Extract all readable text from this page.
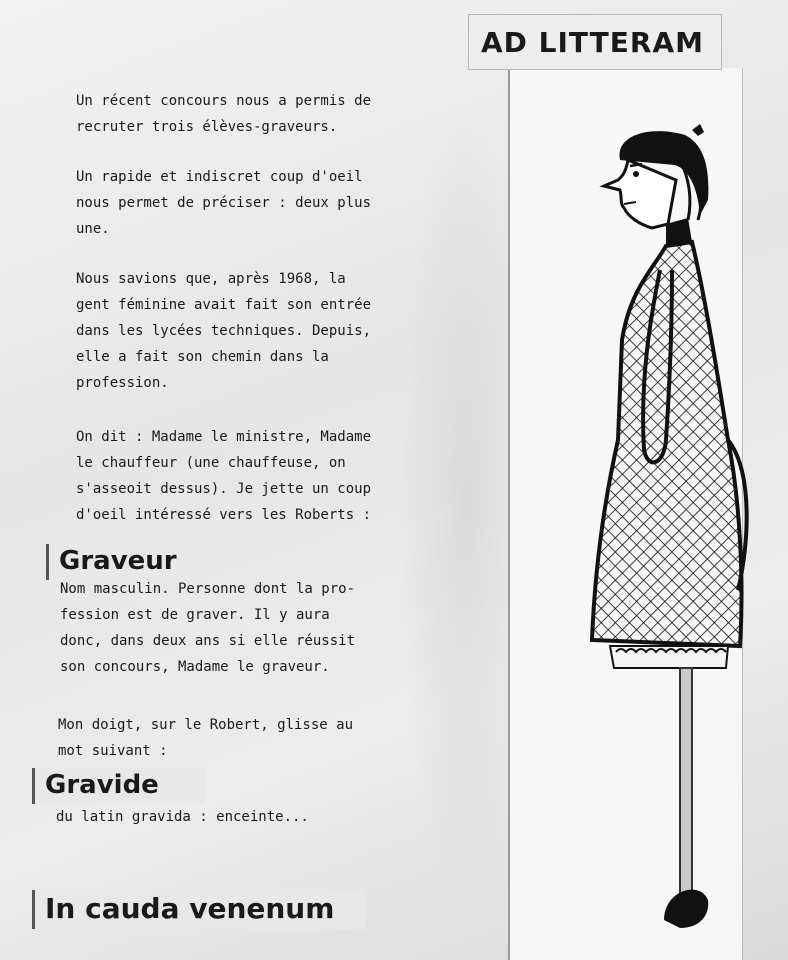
AD LITTERAM

Un récent concours nous a permis de
recruter trois élèves-graveurs.

Un rapide et indiscret coup d'oeil
nous permet de préciser : deux plus
une.

Nous savions que, après 1968, la
gent féminine avait fait son entrée
dans les lycées techniques. Depuis,
elle a fait son chemin dans la
profession.

On dit : Madame le ministre, Madame
le chauffeur (une chauffeuse, on
s'asseoit dessus). Je jette un coup
d'oeil intéressé vers les Roberts :

Graveur

Nom masculin. Personne dont la pro-
fession est de graver. Il y aura
donc, dans deux ans si elle réussit
son concours, Madame le graveur.

Mon doigt, sur le Robert, glisse au
mot suivant :

Gravide

du latin gravida : enceinte...

In cauda venenum
